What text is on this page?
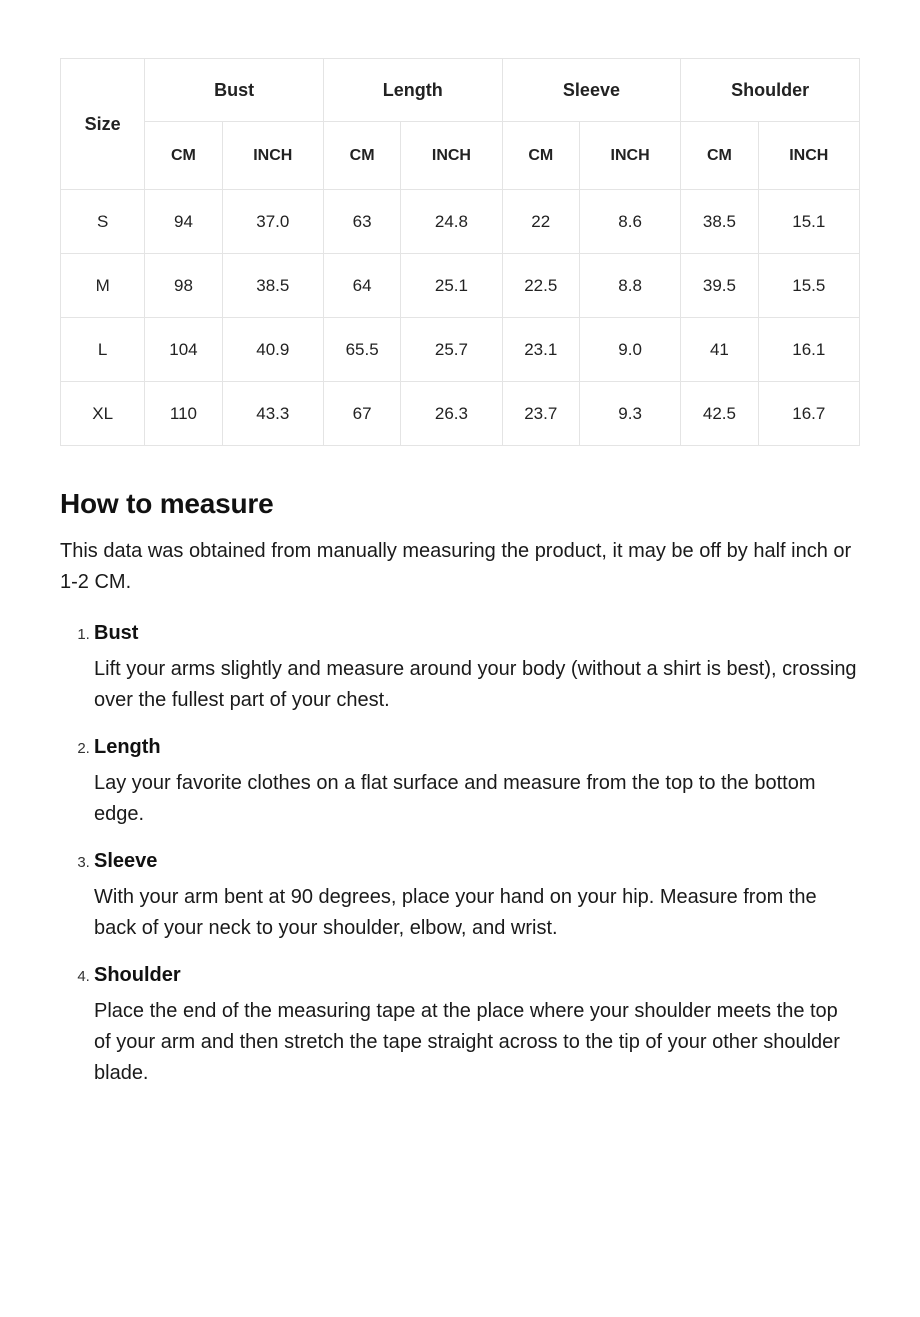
Size	Bust		Length		Sleeve		Shoulder	
	CM	INCH	CM	INCH	CM	INCH	CM	INCH
S	94	37.0	63	24.8	22	8.6	38.5	15.1
M	98	38.5	64	25.1	22.5	8.8	39.5	15.5
L	104	40.9	65.5	25.7	23.1	9.0	41	16.1
XL	110	43.3	67	26.3	23.7	9.3	42.5	16.7
How to measure

This data was obtained from manually measuring the product, it may be off by half inch or 1-2 CM.

1. Bust
Lift your arms slightly and measure around your body (without a shirt is best), crossing over the fullest part of your chest.
2. Length
Lay your favorite clothes on a flat surface and measure from the top to the bottom edge.
3. Sleeve
With your arm bent at 90 degrees, place your hand on your hip. Measure from the back of your neck to your shoulder, elbow, and wrist.
4. Shoulder
Place the end of the measuring tape at the place where your shoulder meets the top of your arm and then stretch the tape straight across to the tip of your other shoulder blade.
